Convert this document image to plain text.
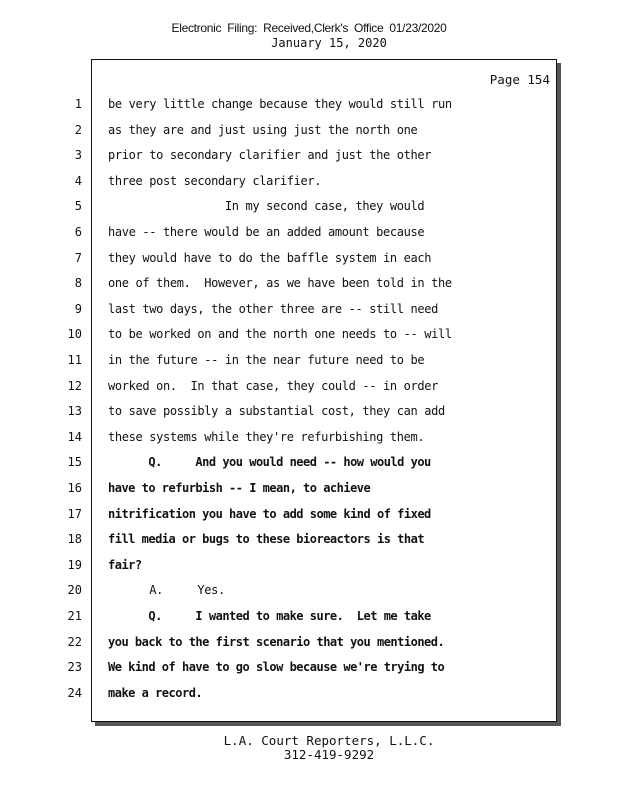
Electronic Filing: Received,Clerk's Office 01/23/2020
January 15, 2020
Page 154
1
2
3
4
5
6
7
8
9
10
11
12
13
14
15
16
17
18
19
20
21
22
23
24
be very little change because they would still run
as they are and just using just the north one
prior to secondary clarifier and just the other
three post secondary clarifier.
In my second case, they would
have -- there would be an added amount because
they would have to do the baffle system in each
one of them.  However, as we have been told in the
last two days, the other three are -- still need
to be worked on and the north one needs to -- will
in the future -- in the near future need to be
worked on.  In that case, they could -- in order
to save possibly a substantial cost, they can add
these systems while they're refurbishing them.
Q.     And you would need -- how would you
have to refurbish -- I mean, to achieve
nitrification you have to add some kind of fixed
fill media or bugs to these bioreactors is that
fair?
A.     Yes.
Q.     I wanted to make sure.  Let me take
you back to the first scenario that you mentioned.
We kind of have to go slow because we're trying to
make a record.
L.A. Court Reporters, L.L.C.
312-419-9292
